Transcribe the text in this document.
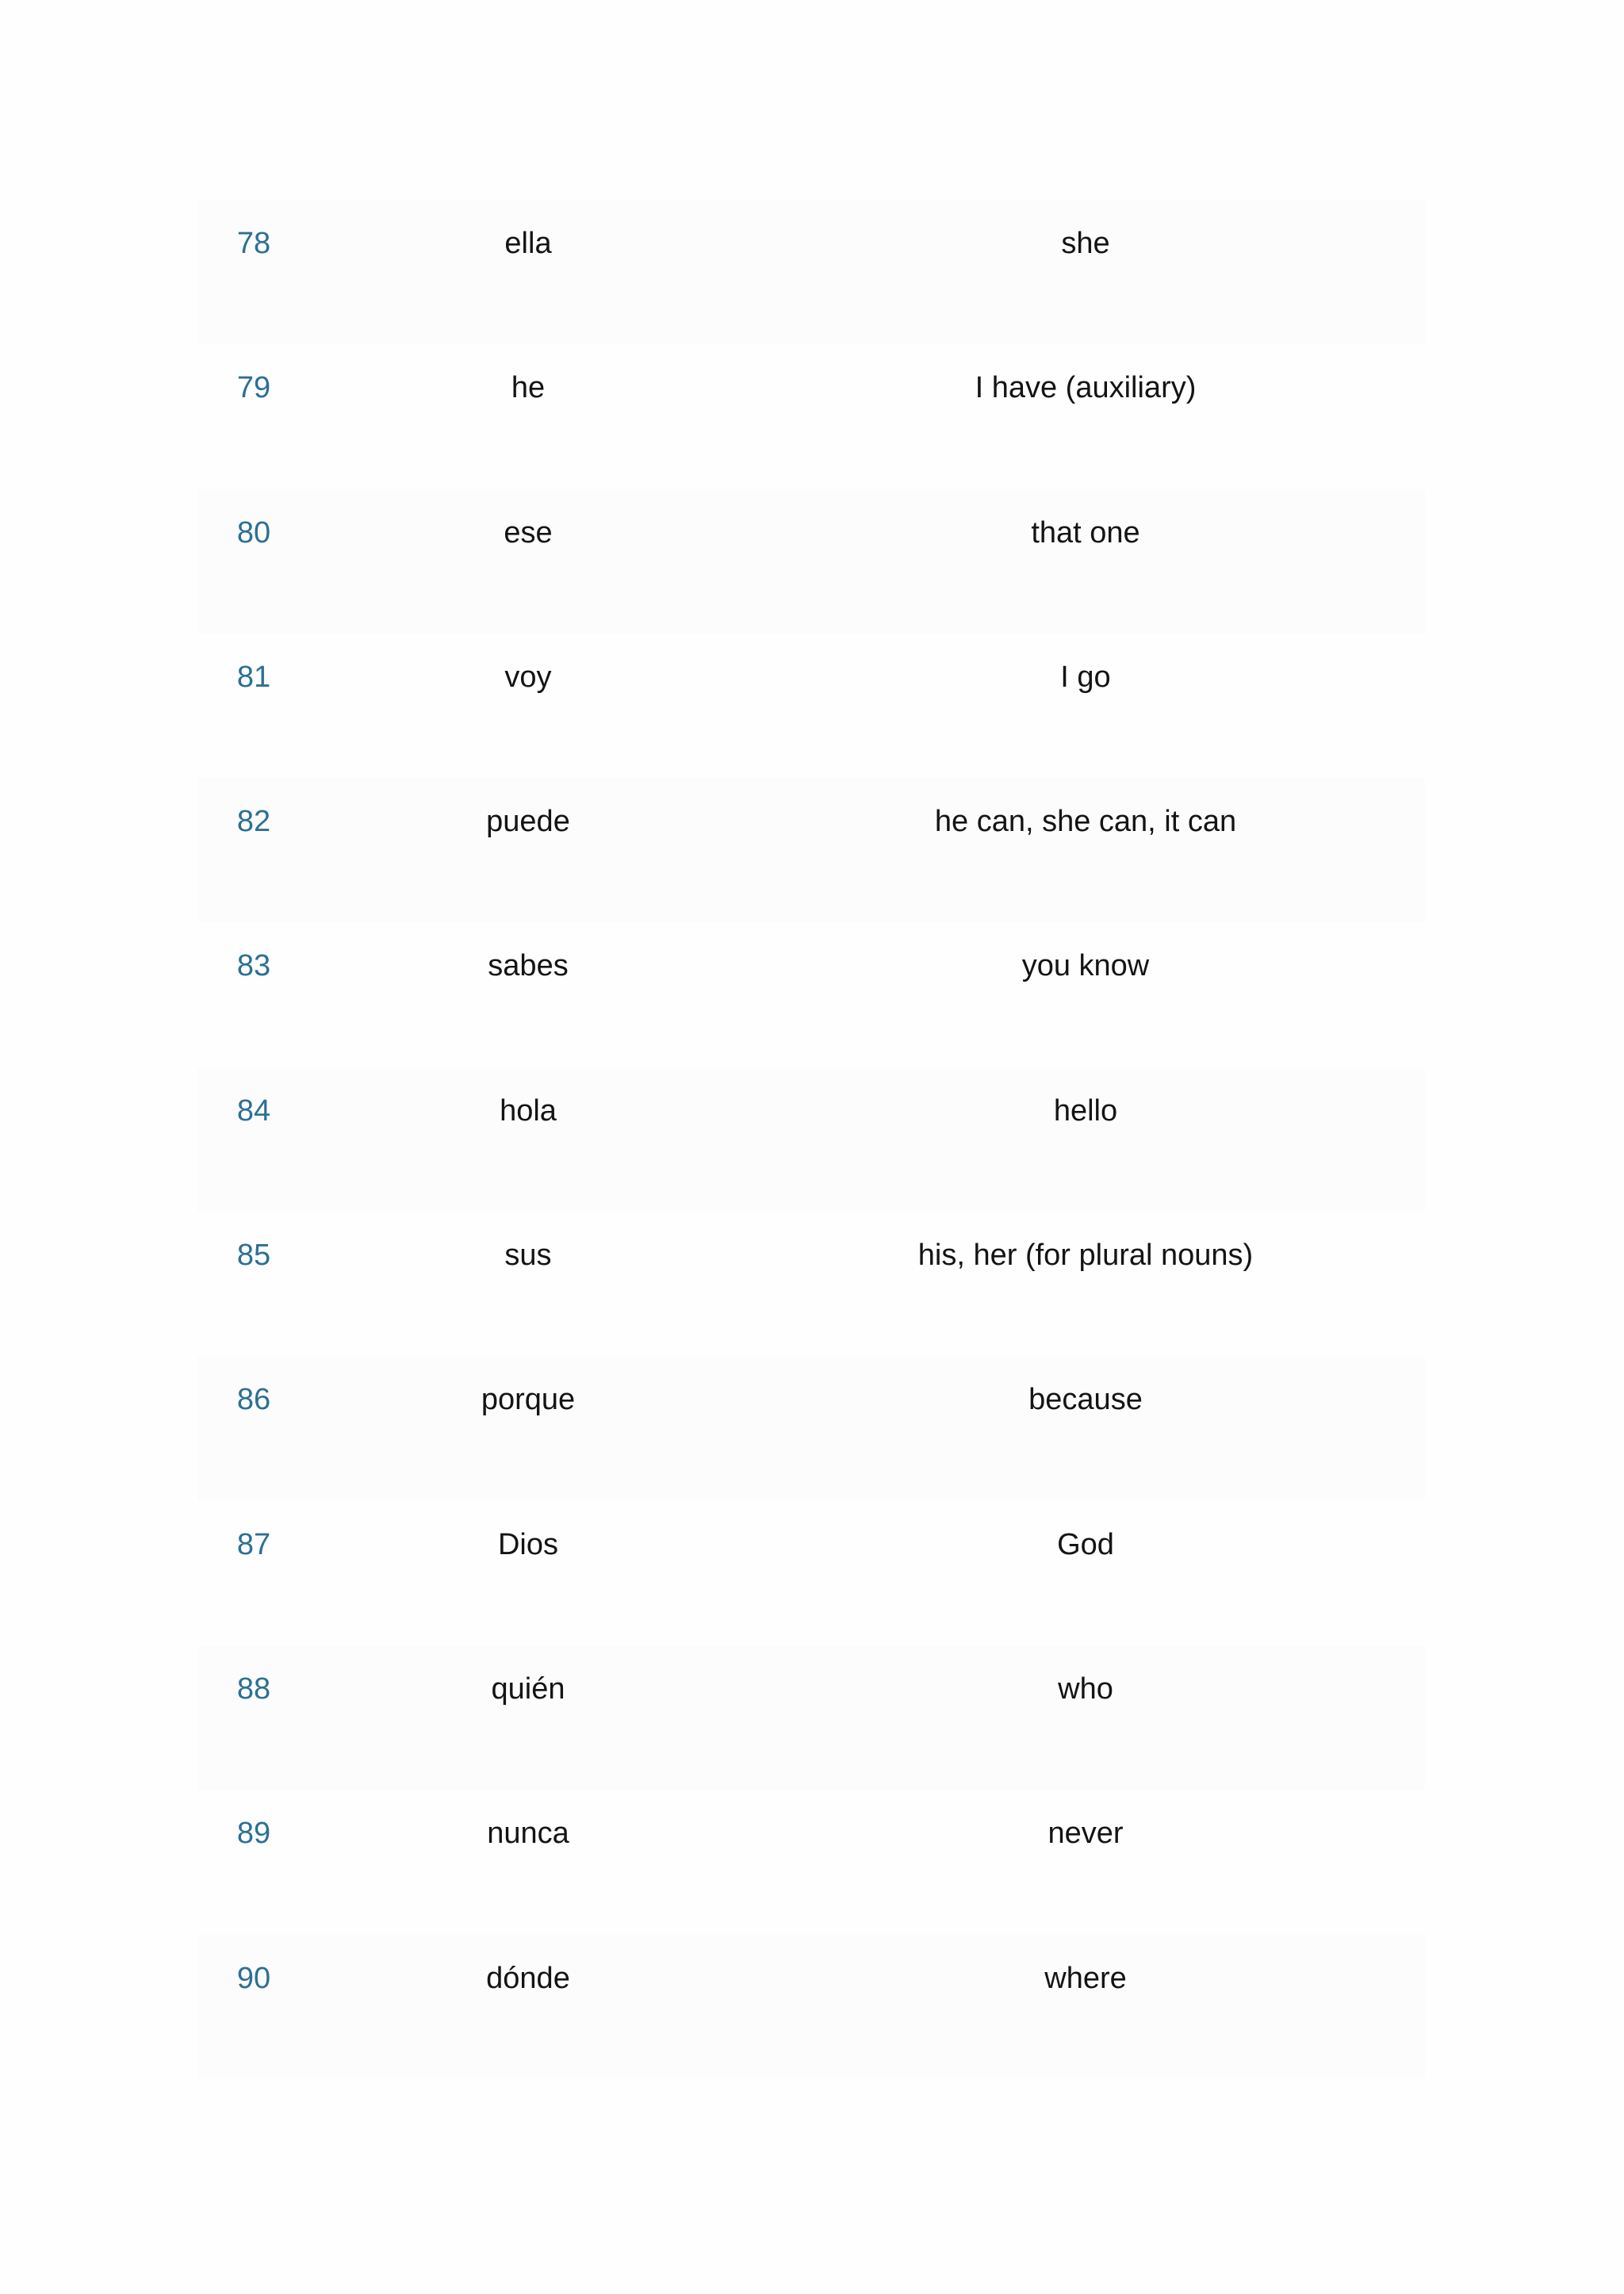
78	ella	she

79	he	I have (auxiliary)

80	ese	that one

81	voy	I go

82	puede	he can, she can, it can

83	sabes	you know

84	hola	hello

85	sus	his, her (for plural nouns)

86	porque	because

87	Dios	God

88	quién	who

89	nunca	never

90	dónde	where
